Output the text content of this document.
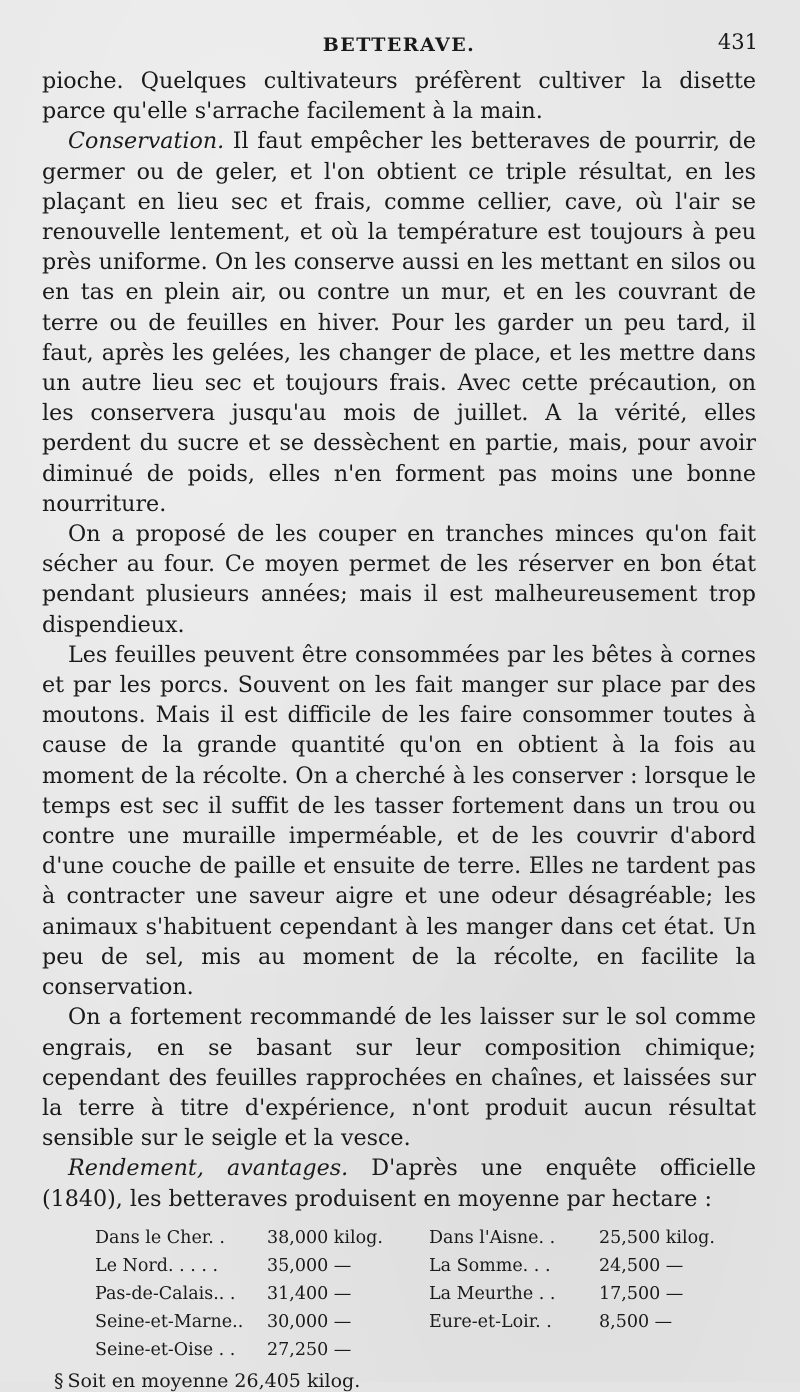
BETTERAVE.	431

pioche. Quelques cultivateurs préfèrent cultiver la disette parce qu'elle s'arrache facilement à la main.

Conservation. Il faut empêcher les betteraves de pourrir, de germer ou de geler, et l'on obtient ce triple résultat, en les plaçant en lieu sec et frais, comme cellier, cave, où l'air se renouvelle lentement, et où la température est toujours à peu près uniforme. On les conserve aussi en les mettant en silos ou en tas en plein air, ou contre un mur, et en les couvrant de terre ou de feuilles en hiver. Pour les garder un peu tard, il faut, après les gelées, les changer de place, et les mettre dans un autre lieu sec et toujours frais. Avec cette précaution, on les conservera jusqu'au mois de juillet. A la vérité, elles perdent du sucre et se dessèchent en partie, mais, pour avoir diminué de poids, elles n'en forment pas moins une bonne nourriture.

On a proposé de les couper en tranches minces qu'on fait sécher au four. Ce moyen permet de les réserver en bon état pendant plusieurs années; mais il est malheureusement trop dispendieux.

Les feuilles peuvent être consommées par les bêtes à cornes et par les porcs. Souvent on les fait manger sur place par des moutons. Mais il est difficile de les faire consommer toutes à cause de la grande quantité qu'on en obtient à la fois au moment de la récolte. On a cherché à les conserver : lorsque le temps est sec il suffit de les tasser fortement dans un trou ou contre une muraille imperméable, et de les couvrir d'abord d'une couche de paille et ensuite de terre. Elles ne tardent pas à contracter une saveur aigre et une odeur désagréable; les animaux s'habituent cependant à les manger dans cet état. Un peu de sel, mis au moment de la récolte, en facilite la conservation.

On a fortement recommandé de les laisser sur le sol comme engrais, en se basant sur leur composition chimique; cependant des feuilles rapprochées en chaînes, et laissées sur la terre à titre d'expérience, n'ont produit aucun résultat sensible sur le seigle et la vesce.

Rendement, avantages. D'après une enquête officielle (1840), les betteraves produisent en moyenne par hectare :

Dans le Cher. .	38,000 kilog.	Dans l'Aisne. .	25,500 kilog.
Le Nord. . . . .	35,000 —	La Somme. . .	24,500 —
Pas-de-Calais.. .	31,400 —	La Meurthe . .	17,500 —
Seine-et-Marne..	30,000 —	Eure-et-Loir. .	8,500 —
Seine-et-Oise . .	27,250 —		
§ Soit en moyenne 26,405 kilog.
